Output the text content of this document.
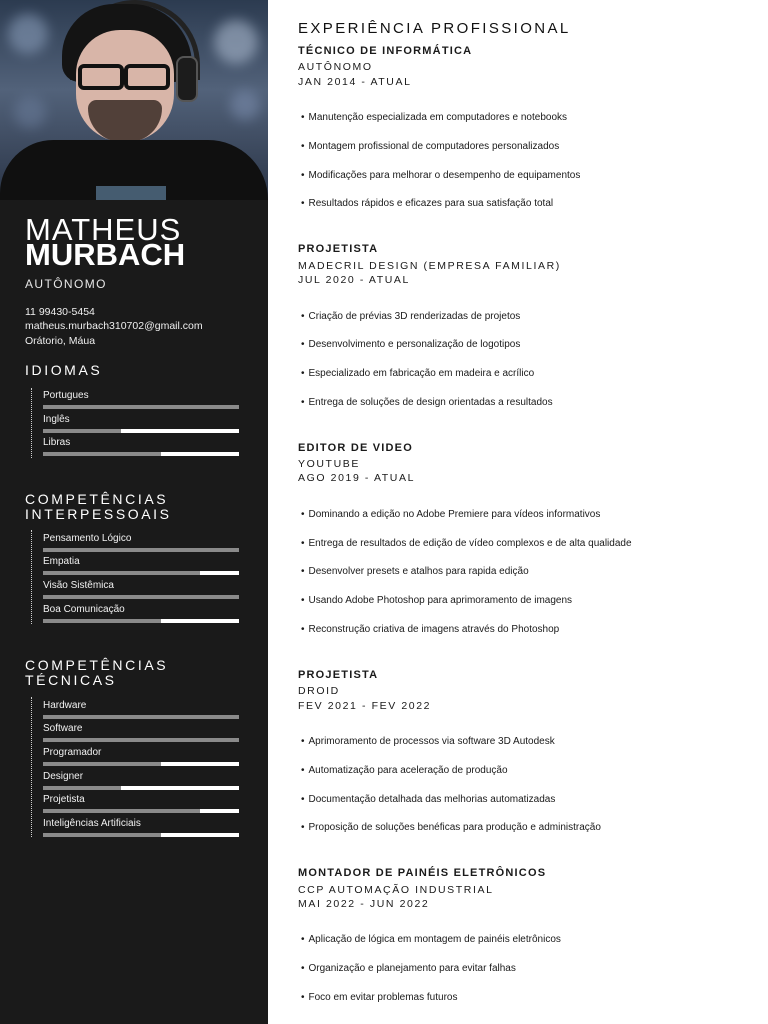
MATHEUS
MURBACH
AUTÔNOMO
11 99430-5454
matheus.murbach310702@gmail.com
Orátorio, Máua
IDIOMAS
Portugues
Inglês
Libras
COMPETÊNCIAS
INTERPESSOAIS
Pensamento Lógico
Empatia
Visão Sistêmica
Boa Comunicação
COMPETÊNCIAS
TÉCNICAS
Hardware
Software
Programador
Designer
Projetista
Inteligências Artificiais
EXPERIÊNCIA PROFISSIONAL
TÉCNICO DE INFORMÁTICA
AUTÔNOMO
JAN 2014 - ATUAL
• Manutenção especializada em computadores e notebooks
• Montagem profissional de computadores personalizados
• Modificações para melhorar o desempenho de equipamentos
• Resultados rápidos e eficazes para sua satisfação total
PROJETISTA
MADECRIL DESIGN (EMPRESA FAMILIAR)
JUL 2020 - ATUAL
• Criação de prévias 3D renderizadas de projetos
• Desenvolvimento e personalização de logotipos
• Especializado em fabricação em madeira e acrílico
• Entrega de soluções de design orientadas a resultados
EDITOR DE VIDEO
YOUTUBE
AGO 2019 - ATUAL
• Dominando a edição no Adobe Premiere para vídeos informativos
• Entrega de resultados de edição de vídeo complexos e de alta qualidade
• Desenvolver presets e atalhos para rapida edição
• Usando Adobe Photoshop para aprimoramento de imagens
• Reconstrução criativa de imagens através do Photoshop
PROJETISTA
DROID
FEV 2021 - FEV 2022
• Aprimoramento de processos via software 3D Autodesk
• Automatização para aceleração de produção
• Documentação detalhada das melhorias automatizadas
• Proposição de soluções benéficas para produção e administração
MONTADOR DE PAINÉIS ELETRÔNICOS
CCP AUTOMAÇÃO INDUSTRIAL
MAI 2022 - JUN 2022
• Aplicação de lógica em montagem de painéis eletrônicos
• Organização e planejamento para evitar falhas
• Foco em evitar problemas futuros
